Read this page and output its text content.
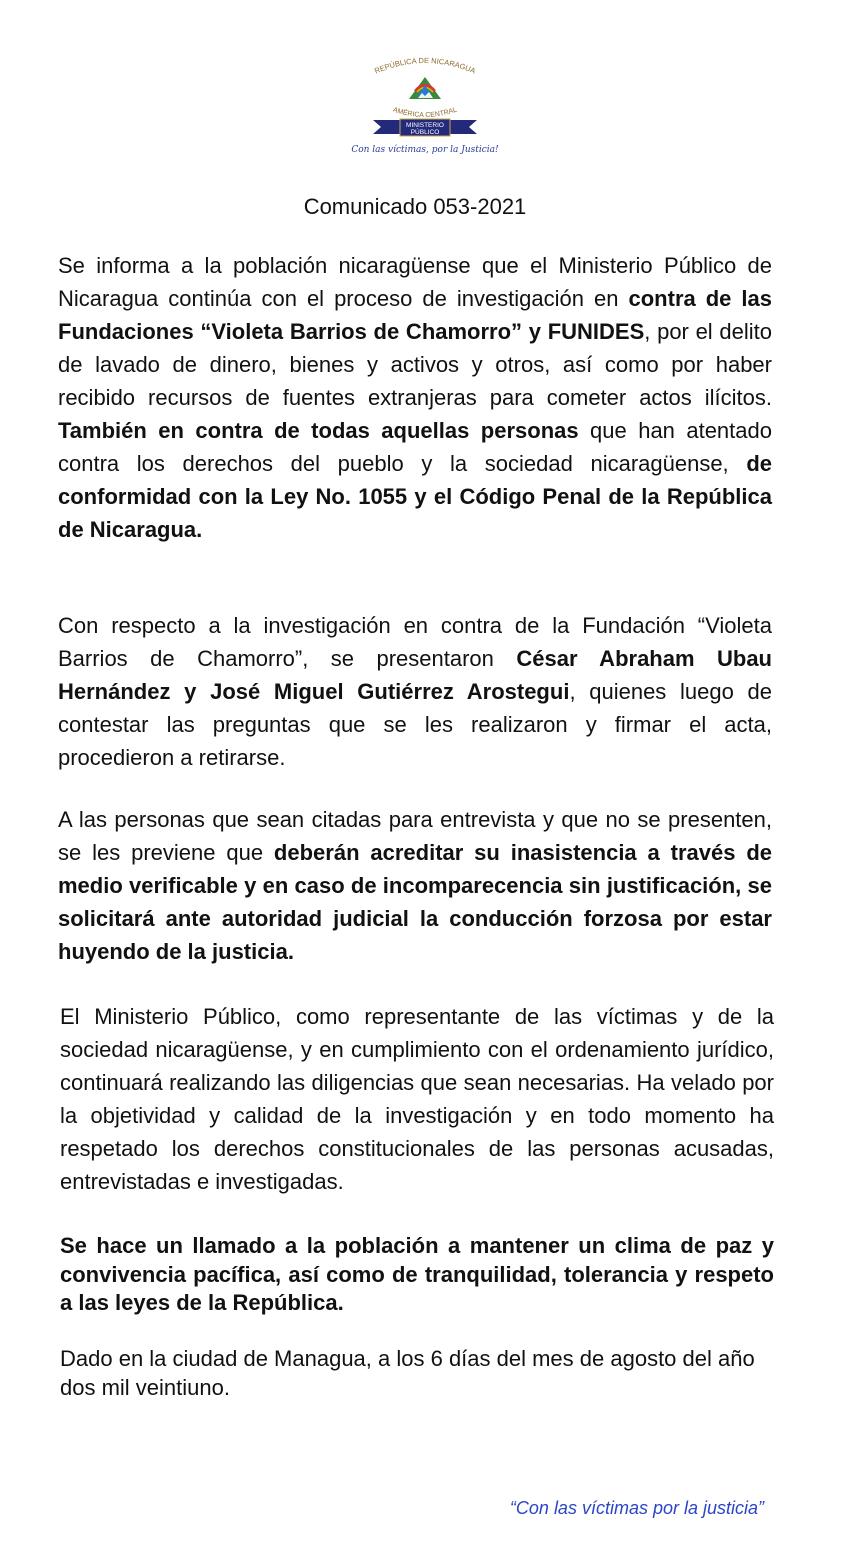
REPÚBLICA DE NICARAGUA
AMÉRICA CENTRAL
MINISTERIO
PÚBLICO
Con las víctimas, por la Justicia!
Comunicado 053-2021

Se informa a la población nicaragüense que el Ministerio Público de Nicaragua continúa con el proceso de investigación en contra de las Fundaciones “Violeta Barrios de Chamorro” y FUNIDES, por el delito de lavado de dinero, bienes y activos y otros, así como por haber recibido recursos de fuentes extranjeras para cometer actos ilícitos. También en contra de todas aquellas personas que han atentado contra los derechos del pueblo y la sociedad nicaragüense, de conformidad con la Ley No. 1055 y el Código Penal de la República de Nicaragua.

Con respecto a la investigación en contra de la Fundación “Violeta Barrios de Chamorro”, se presentaron César Abraham Ubau Hernández y José Miguel Gutiérrez Arostegui, quienes luego de contestar las preguntas que se les realizaron y firmar el acta, procedieron a retirarse.

A las personas que sean citadas para entrevista y que no se presenten, se les previene que deberán acreditar su inasistencia a través de medio verificable y en caso de incomparecencia sin justificación, se solicitará ante autoridad judicial la conducción forzosa por estar huyendo de la justicia.

El Ministerio Público, como representante de las víctimas y de la sociedad nicaragüense, y en cumplimiento con el ordenamiento jurídico, continuará realizando las diligencias que sean necesarias. Ha velado por la objetividad y calidad de la investigación y en todo momento ha respetado los derechos constitucionales de las personas acusadas, entrevistadas e investigadas.

Se hace un llamado a la población a mantener un clima de paz y convivencia pacífica, así como de tranquilidad, tolerancia y respeto a las leyes de la República.

Dado en la ciudad de Managua, a los 6 días del mes de agosto del año dos mil veintiuno.

“Con las víctimas por la justicia”
